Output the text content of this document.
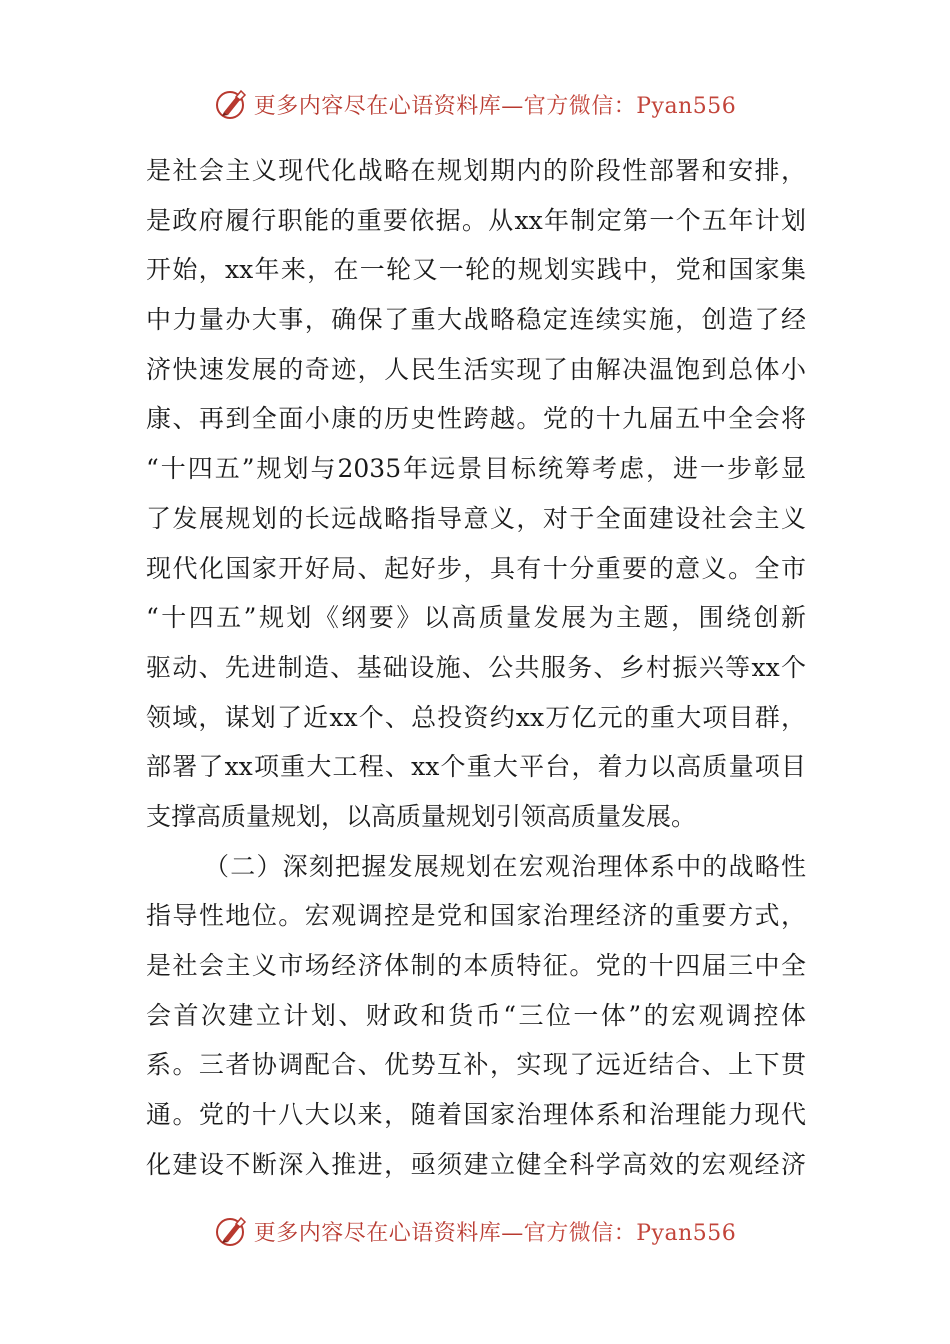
更多内容尽在心语资料库—官方微信：Pyan556
是社会主义现代化战略在规划期内的阶段性部署和安排，
是政府履行职能的重要依据。从xx年制定第一个五年计划
开始，xx年来，在一轮又一轮的规划实践中，党和国家集
中力量办大事，确保了重大战略稳定连续实施，创造了经
济快速发展的奇迹，人民生活实现了由解决温饱到总体小
康、再到全面小康的历史性跨越。党的十九届五中全会将
“十四五”规划与2035年远景目标统筹考虑，进一步彰显
了发展规划的长远战略指导意义，对于全面建设社会主义
现代化国家开好局、起好步，具有十分重要的意义。全市
“十四五”规划《纲要》以高质量发展为主题，围绕创新
驱动、先进制造、基础设施、公共服务、乡村振兴等xx个
领域，谋划了近xx个、总投资约xx万亿元的重大项目群，
部署了xx项重大工程、xx个重大平台，着力以高质量项目
支撑高质量规划，以高质量规划引领高质量发展。
（二）深刻把握发展规划在宏观治理体系中的战略性
指导性地位。宏观调控是党和国家治理经济的重要方式，
是社会主义市场经济体制的本质特征。党的十四届三中全
会首次建立计划、财政和货币“三位一体”的宏观调控体
系。三者协调配合、优势互补，实现了远近结合、上下贯
通。党的十八大以来，随着国家治理体系和治理能力现代
化建设不断深入推进，亟须建立健全科学高效的宏观经济
更多内容尽在心语资料库—官方微信：Pyan556
